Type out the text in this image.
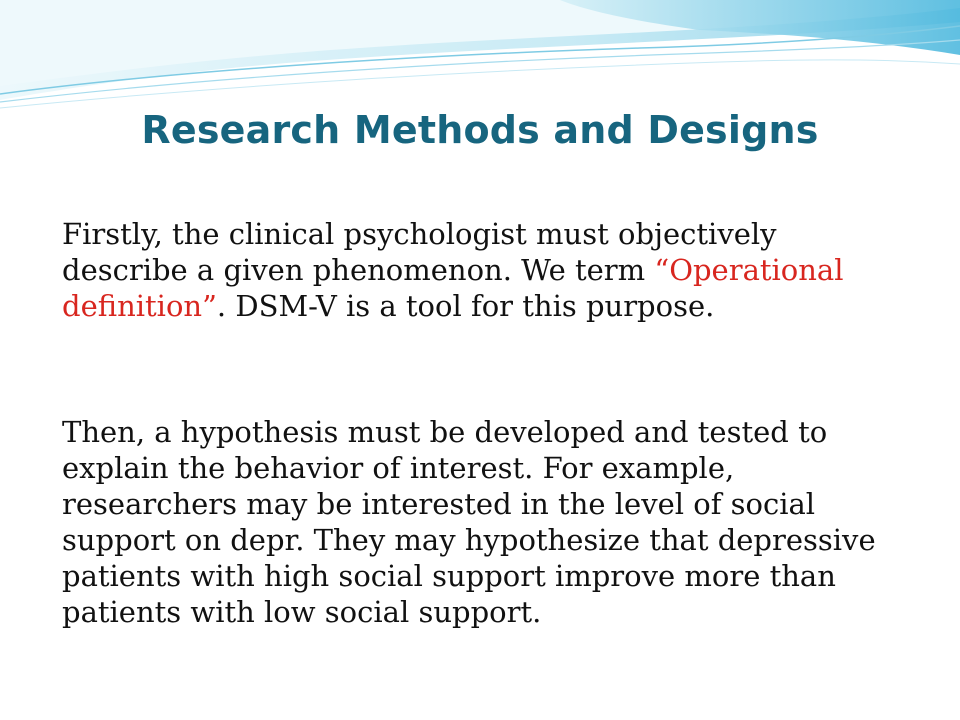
Research Methods and Designs

Firstly, the clinical psychologist must objectively describe a given phenomenon. We term “Operational definition”. DSM-V is a tool for this purpose.

Then, a hypothesis must be developed and tested to explain the behavior of interest. For example, researchers may be interested in the level of social support on depr. They may hypothesize that depressive patients with high social support improve more than patients with low social support.
